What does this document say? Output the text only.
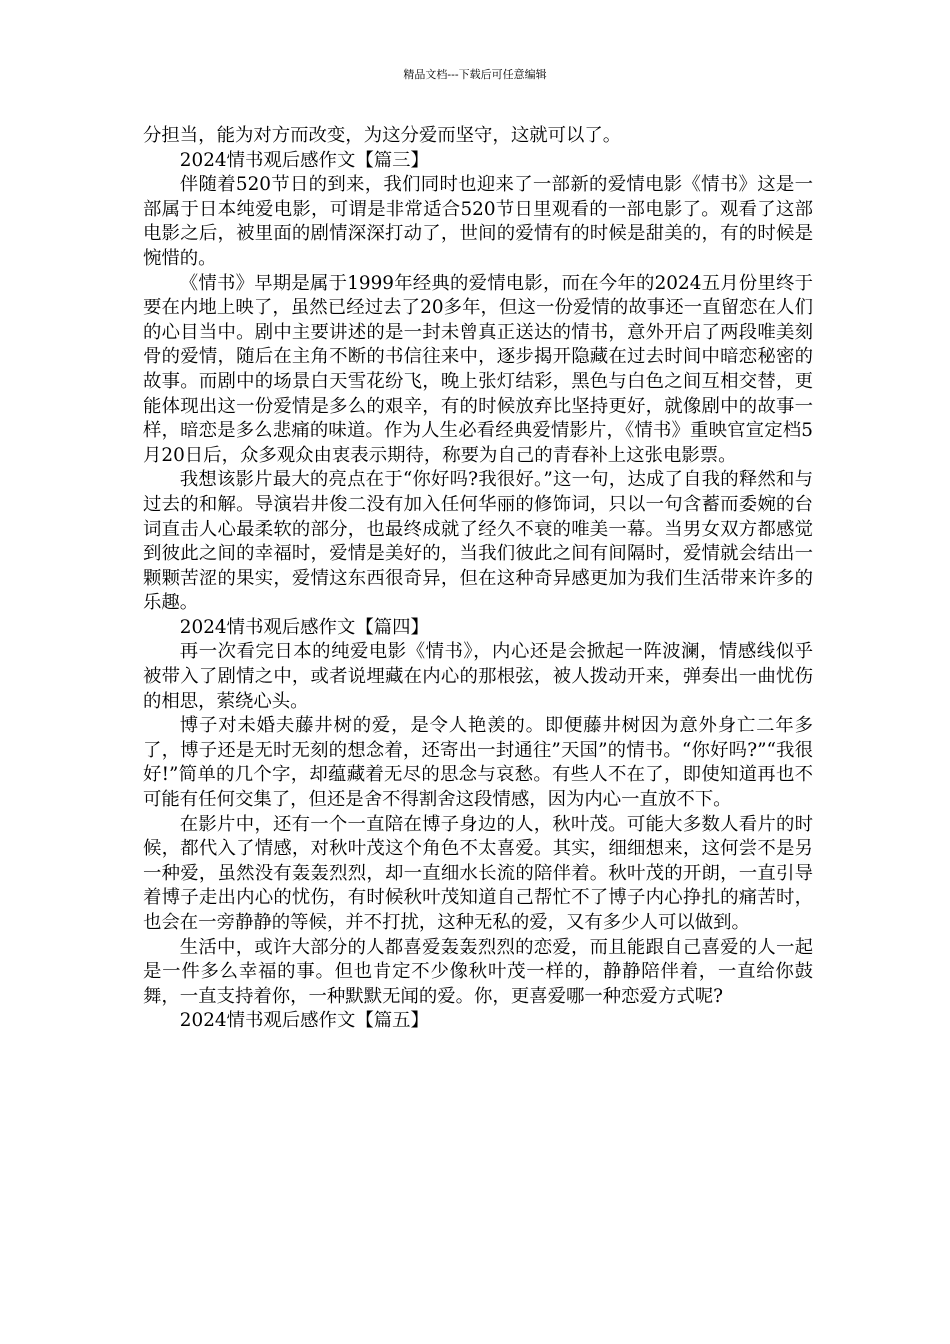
精品文档---下载后可任意编辑

分担当，能为对方而改变，为这分爱而坚守，这就可以了。

2024情书观后感作文【篇三】

伴随着520节日的到来，我们同时也迎来了一部新的爱情电影《情书》这是一部属于日本纯爱电影，可谓是非常适合520节日里观看的一部电影了。观看了这部电影之后，被里面的剧情深深打动了，世间的爱情有的时候是甜美的，有的时候是惋惜的。

《情书》早期是属于1999年经典的爱情电影，而在今年的2024五月份里终于要在内地上映了，虽然已经过去了20多年，但这一份爱情的故事还一直留恋在人们的心目当中。剧中主要讲述的是一封未曾真正送达的情书，意外开启了两段唯美刻骨的爱情，随后在主角不断的书信往来中，逐步揭开隐藏在过去时间中暗恋秘密的故事。而剧中的场景白天雪花纷飞，晚上张灯结彩，黑色与白色之间互相交替，更能体现出这一份爱情是多么的艰辛，有的时候放弃比坚持更好，就像剧中的故事一样，暗恋是多么悲痛的味道。作为人生必看经典爱情影片，《情书》重映官宣定档5月20日后，众多观众由衷表示期待，称要为自己的青春补上这张电影票。

我想该影片最大的亮点在于“你好吗?我很好。”这一句，达成了自我的释然和与过去的和解。导演岩井俊二没有加入任何华丽的修饰词，只以一句含蓄而委婉的台词直击人心最柔软的部分，也最终成就了经久不衰的唯美一幕。当男女双方都感觉到彼此之间的幸福时，爱情是美好的，当我们彼此之间有间隔时，爱情就会结出一颗颗苦涩的果实，爱情这东西很奇异，但在这种奇异感更加为我们生活带来许多的乐趣。

2024情书观后感作文【篇四】

再一次看完日本的纯爱电影《情书》，内心还是会掀起一阵波澜，情感线似乎被带入了剧情之中，或者说埋藏在内心的那根弦，被人拨动开来，弹奏出一曲忧伤的相思，萦绕心头。

博子对未婚夫藤井树的爱，是令人艳羡的。即便藤井树因为意外身亡二年多了，博子还是无时无刻的想念着，还寄出一封通往”天国”的情书。“你好吗?”“我很好!”简单的几个字，却蕴藏着无尽的思念与哀愁。有些人不在了，即使知道再也不可能有任何交集了，但还是舍不得割舍这段情感，因为内心一直放不下。

在影片中，还有一个一直陪在博子身边的人，秋叶茂。可能大多数人看片的时候，都代入了情感，对秋叶茂这个角色不太喜爱。其实，细细想来，这何尝不是另一种爱，虽然没有轰轰烈烈，却一直细水长流的陪伴着。秋叶茂的开朗，一直引导着博子走出内心的忧伤，有时候秋叶茂知道自己帮忙不了博子内心挣扎的痛苦时，也会在一旁静静的等候，并不打扰，这种无私的爱，又有多少人可以做到。

生活中，或许大部分的人都喜爱轰轰烈烈的恋爱，而且能跟自己喜爱的人一起是一件多么幸福的事。但也肯定不少像秋叶茂一样的，静静陪伴着，一直给你鼓舞，一直支持着你，一种默默无闻的爱。你，更喜爱哪一种恋爱方式呢?

2024情书观后感作文【篇五】
